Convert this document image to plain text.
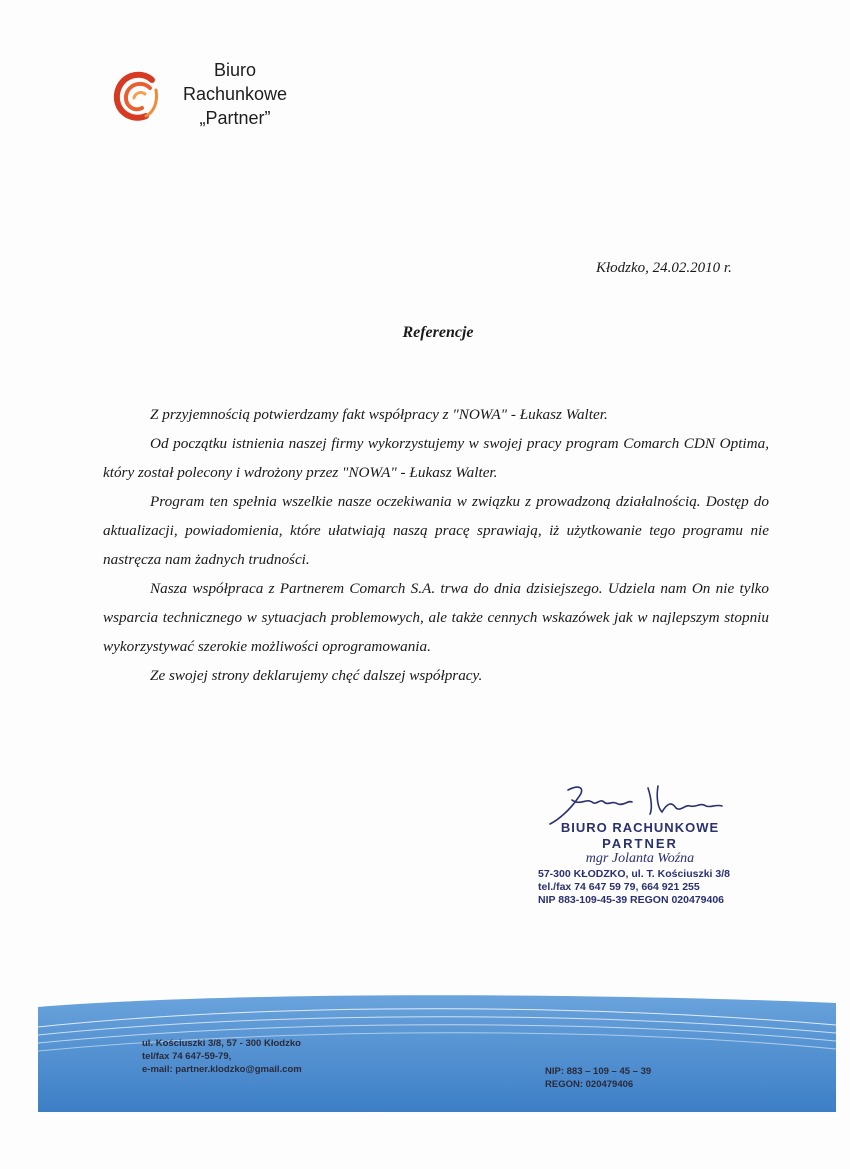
Biuro
Rachunkowe
„Partner”
Kłodzko, 24.02.2010 r.
Referencje

Z przyjemnością potwierdzamy fakt współpracy z "NOWA" - Łukasz Walter.

Od początku istnienia naszej firmy wykorzystujemy w swojej pracy program Comarch CDN Optima, który został polecony i wdrożony przez "NOWA" - Łukasz Walter.

Program ten spełnia wszelkie nasze oczekiwania w związku z prowadzoną działalnością. Dostęp do aktualizacji, powiadomienia, które ułatwiają naszą pracę sprawiają, iż użytkowanie tego programu nie nastręcza nam żadnych trudności.

Nasza współpraca z Partnerem Comarch S.A. trwa do dnia dzisiejszego. Udziela nam On nie tylko wsparcia technicznego w sytuacjach problemowych, ale także cennych wskazówek jak w najlepszym stopniu wykorzystywać szerokie możliwości oprogramowania.

Ze swojej strony deklarujemy chęć dalszej współpracy.

BIURO RACHUNKOWE
PARTNER
mgr Jolanta Woźna
57-300 KŁODZKO, ul. T. Kościuszki 3/8
tel./fax 74 647 59 79, 664 921 255
NIP 883-109-45-39 REGON 020479406
ul. Kościuszki 3/8, 57 - 300 Kłodzko
tel/fax 74 647-59-79,
e-mail: partner.klodzko@gmail.com	NIP: 883 – 109 – 45 – 39
REGON: 020479406
